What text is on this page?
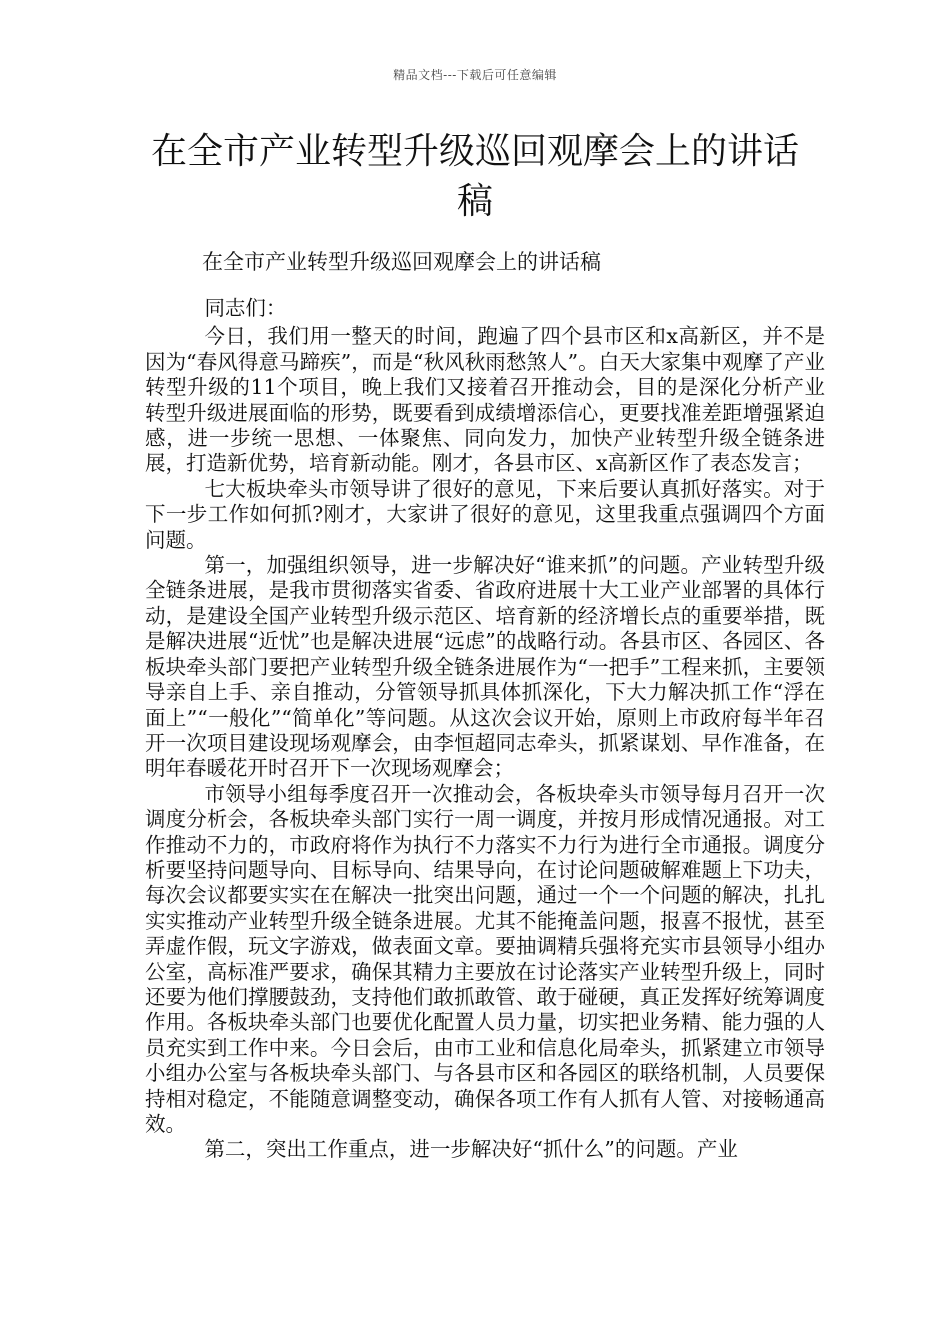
精品文档---下载后可任意编辑
在全市产业转型升级巡回观摩会上的讲话稿
在全市产业转型升级巡回观摩会上的讲话稿

同志们：

今日，我们用一整天的时间，跑遍了四个县市区和x高新区，并不是因为“春风得意马蹄疾”，而是“秋风秋雨愁煞人”。白天大家集中观摩了产业转型升级的11个项目，晚上我们又接着召开推动会，目的是深化分析产业转型升级进展面临的形势，既要看到成绩增添信心，更要找准差距增强紧迫感，进一步统一思想、一体聚焦、同向发力，加快产业转型升级全链条进展，打造新优势，培育新动能。刚才，各县市区、x高新区作了表态发言；

七大板块牵头市领导讲了很好的意见，下来后要认真抓好落实。对于下一步工作如何抓?刚才，大家讲了很好的意见，这里我重点强调四个方面问题。

第一，加强组织领导，进一步解决好“谁来抓”的问题。产业转型升级全链条进展，是我市贯彻落实省委、省政府进展十大工业产业部署的具体行动，是建设全国产业转型升级示范区、培育新的经济增长点的重要举措，既是解决进展“近忧”也是解决进展“远虑”的战略行动。各县市区、各园区、各板块牵头部门要把产业转型升级全链条进展作为“一把手”工程来抓，主要领导亲自上手、亲自推动，分管领导抓具体抓深化，下大力解决抓工作“浮在面上”“一般化”“简单化”等问题。从这次会议开始，原则上市政府每半年召开一次项目建设现场观摩会，由李恒超同志牵头，抓紧谋划、早作准备，在明年春暖花开时召开下一次现场观摩会；

市领导小组每季度召开一次推动会，各板块牵头市领导每月召开一次调度分析会，各板块牵头部门实行一周一调度，并按月形成情况通报。对工作推动不力的，市政府将作为执行不力落实不力行为进行全市通报。调度分析要坚持问题导向、目标导向、结果导向，在讨论问题破解难题上下功夫，每次会议都要实实在在解决一批突出问题，通过一个一个问题的解决，扎扎实实推动产业转型升级全链条进展。尤其不能掩盖问题，报喜不报忧，甚至弄虚作假，玩文字游戏，做表面文章。要抽调精兵强将充实市县领导小组办公室，高标准严要求，确保其精力主要放在讨论落实产业转型升级上，同时还要为他们撑腰鼓劲，支持他们敢抓敢管、敢于碰硬，真正发挥好统筹调度作用。各板块牵头部门也要优化配置人员力量，切实把业务精、能力强的人员充实到工作中来。今日会后，由市工业和信息化局牵头，抓紧建立市领导小组办公室与各板块牵头部门、与各县市区和各园区的联络机制，人员要保持相对稳定，不能随意调整变动，确保各项工作有人抓有人管、对接畅通高效。

第二，突出工作重点，进一步解决好“抓什么”的问题。产业
